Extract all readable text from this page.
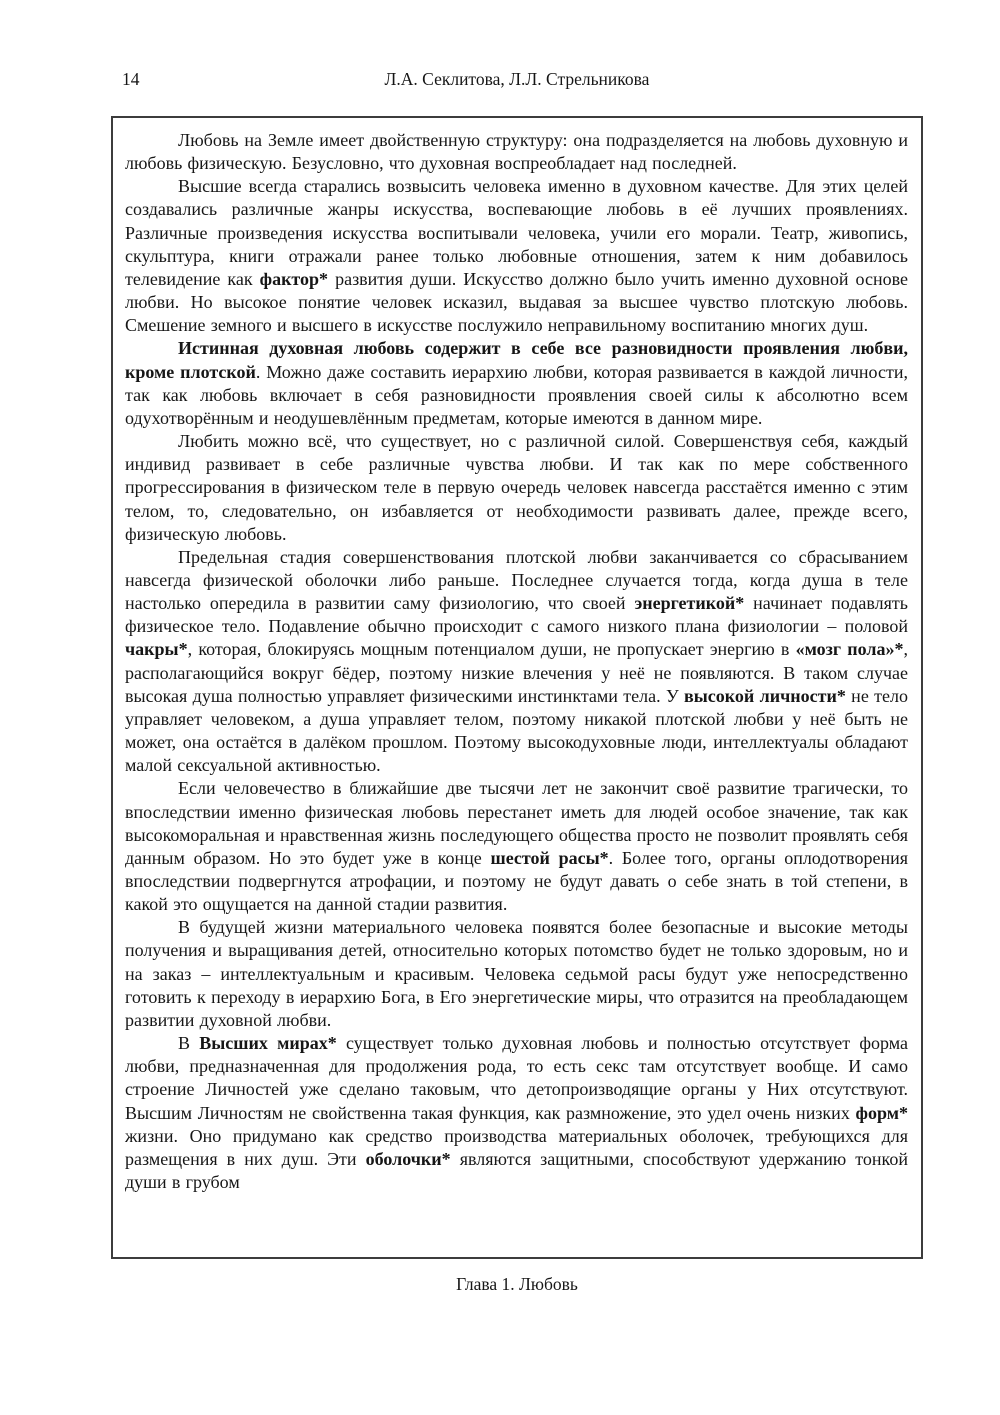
14	Л.А. Секлитова, Л.Л. Стрельникова

Любовь на Земле имеет двойственную структуру: она подразделяется на любовь духовную и любовь физическую. Безусловно, что духовная воспреобладает над последней.

Высшие всегда старались возвысить человека именно в духовном качестве. Для этих целей создавались различные жанры искусства, воспевающие любовь в её лучших проявлениях. Различные произведения искусства воспитывали человека, учили его морали. Театр, живопись, скульптура, книги отражали ранее только любовные отношения, затем к ним добавилось телевидение как фактор* развития души. Искусство должно было учить именно духовной основе любви. Но высокое понятие человек исказил, выдавая за высшее чувство плотскую любовь. Смешение земного и высшего в искусстве послужило неправильному воспитанию многих душ.

Истинная духовная любовь содержит в себе все разновидности проявления любви, кроме плотской. Можно даже составить иерархию любви, которая развивается в каждой личности, так как любовь включает в себя разновидности проявления своей силы к абсолютно всем одухотворённым и неодушевлённым предметам, которые имеются в данном мире.

Любить можно всё, что существует, но с различной силой. Совершенствуя себя, каждый индивид развивает в себе различные чувства любви. И так как по мере собственного прогрессирования в физическом теле в первую очередь человек навсегда расстаётся именно с этим телом, то, следовательно, он избавляется от необходимости развивать далее, прежде всего, физическую любовь.

Предельная стадия совершенствования плотской любви заканчивается со сбрасыванием навсегда физической оболочки либо раньше. Последнее случается тогда, когда душа в теле настолько опередила в развитии саму физиологию, что своей энергетикой* начинает подавлять физическое тело. Подавление обычно происходит с самого низкого плана физиологии – половой чакры*, которая, блокируясь мощным потенциалом души, не пропускает энергию в «мозг пола»*, располагающийся вокруг бёдер, поэтому низкие влечения у неё не появляются. В таком случае высокая душа полностью управляет физическими инстинктами тела. У высокой личности* не тело управляет человеком, а душа управляет телом, поэтому никакой плотской любви у неё быть не может, она остаётся в далёком прошлом. Поэтому высокодуховные люди, интеллектуалы обладают малой сексуальной активностью.

Если человечество в ближайшие две тысячи лет не закончит своё развитие трагически, то впоследствии именно физическая любовь перестанет иметь для людей особое значение, так как высокоморальная и нравственная жизнь последующего общества просто не позволит проявлять себя данным образом. Но это будет уже в конце шестой расы*. Более того, органы оплодотворения впоследствии подвергнутся атрофации, и поэтому не будут давать о себе знать в той степени, в какой это ощущается на данной стадии развития.

В будущей жизни материального человека появятся более безопасные и высокие методы получения и выращивания детей, относительно которых потомство будет не только здоровым, но и на заказ – интеллектуальным и красивым. Человека седьмой расы будут уже непосредственно готовить к переходу в иерархию Бога, в Его энергетические миры, что отразится на преобладающем развитии духовной любви.

В Высших мирах* существует только духовная любовь и полностью отсутствует форма любви, предназначенная для продолжения рода, то есть секс там отсутствует вообще. И само строение Личностей уже сделано таковым, что детопроизводящие органы у Них отсутствуют. Высшим Личностям не свойственна такая функция, как размножение, это удел очень низких форм* жизни. Оно придумано как средство производства материальных оболочек, требующихся для размещения в них душ. Эти оболочки* являются защитными, способствуют удержанию тонкой души в грубом

Глава 1. Любовь
